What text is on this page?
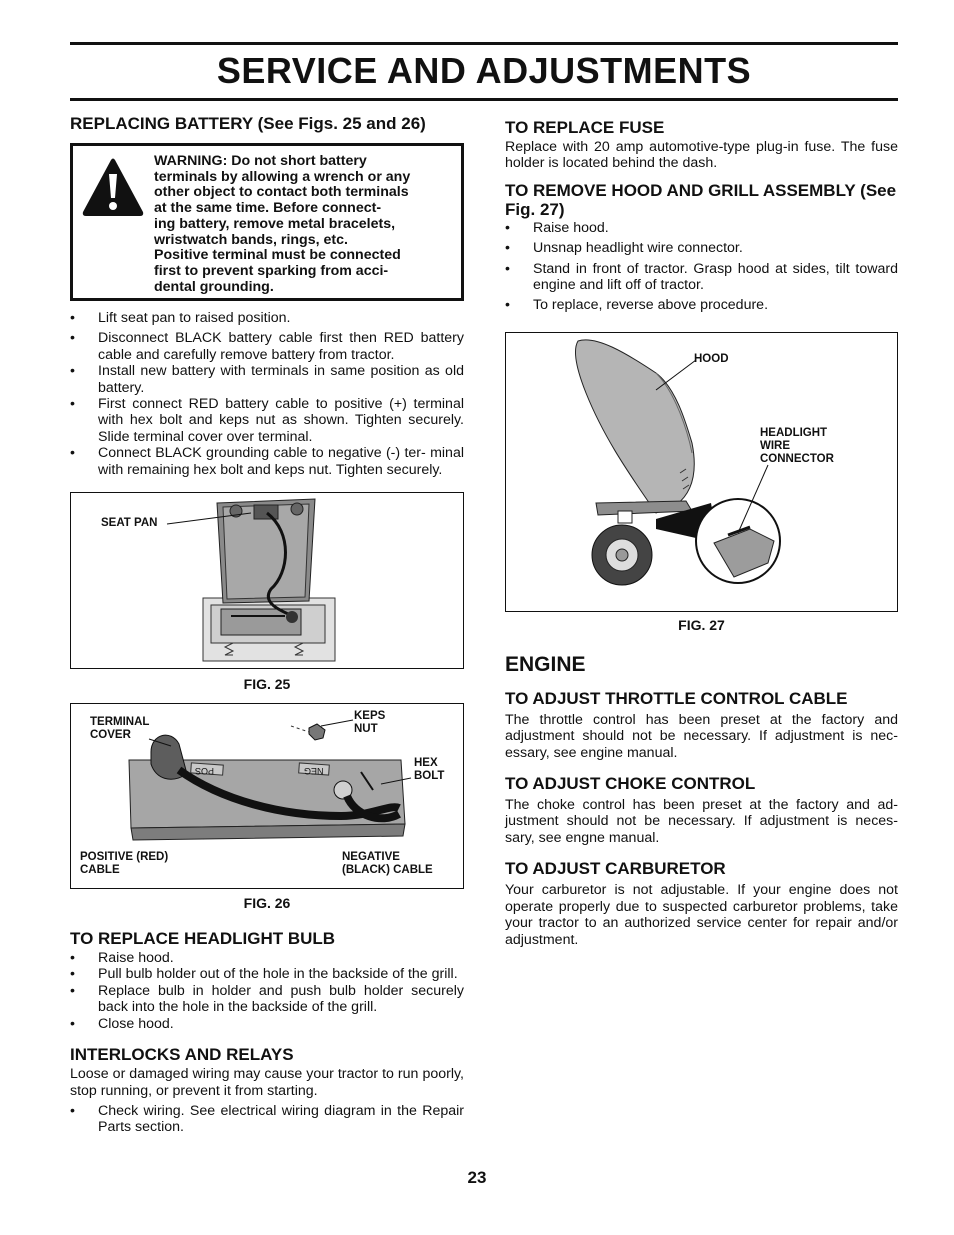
SERVICE AND ADJUSTMENTS
REPLACING BATTERY (See Figs. 25 and 26)
WARNING: Do not short battery
terminals by allowing a wrench or any
other object to contact both terminals
at the same time. Before connect-
ing battery, remove metal bracelets,
wristwatch bands, rings, etc.
Positive terminal must be connected
first to prevent sparking from acci-
dental grounding.
• Lift seat pan to raised position.
• Disconnect BLACK battery cable first then RED battery cable and carefully remove battery from tractor.
• Install new battery with terminals in same position as old battery.
• First connect RED battery cable to positive (+) terminal with hex bolt and keps nut as shown. Tighten securely. Slide terminal cover over terminal.
• Connect BLACK grounding cable to negative (-) ter- minal with remaining hex bolt and keps nut. Tighten securely.
SEAT PAN
FIG. 25
POS	NEG
TERMINAL
COVER
KEPS
NUT
HEX
BOLT
POSITIVE (RED)
CABLE
NEGATIVE
(BLACK) CABLE
FIG. 26
TO REPLACE HEADLIGHT BULB
• Raise hood.
• Pull bulb holder out of the hole in the backside of the grill.
• Replace bulb in holder and push bulb holder securely back into the hole in the backside of the grill.
• Close hood.
INTERLOCKS AND RELAYS

Loose or damaged wiring may cause your tractor to run poorly, stop running, or prevent it from starting.

• Check wiring. See electrical wiring diagram in the Repair Parts section.
TO REPLACE FUSE

Replace with 20 amp automotive-type plug-in fuse. The fuse holder is located behind the dash.

TO REMOVE HOOD AND GRILL ASSEMBLY (See Fig. 27)
• Raise hood.
• Unsnap headlight wire connector.
• Stand in front of tractor. Grasp hood at sides, tilt toward engine and lift off of tractor.
• To replace, reverse above procedure.
HOOD
HEADLIGHT
WIRE
CONNECTOR
FIG. 27
ENGINE
TO ADJUST THROTTLE CONTROL CABLE

The throttle control has been preset at the factory and adjustment should not be necessary. If adjustment is nec- essary, see engine manual.

TO ADJUST CHOKE CONTROL

The choke control has been preset at the factory and ad- justment should not be necessary. If adjustment is neces- sary, see engne manual.

TO ADJUST CARBURETOR

Your carburetor is not adjustable. If your engine does not operate properly due to suspected carburetor problems, take your tractor to an authorized service center for repair and/or adjustment.

23
